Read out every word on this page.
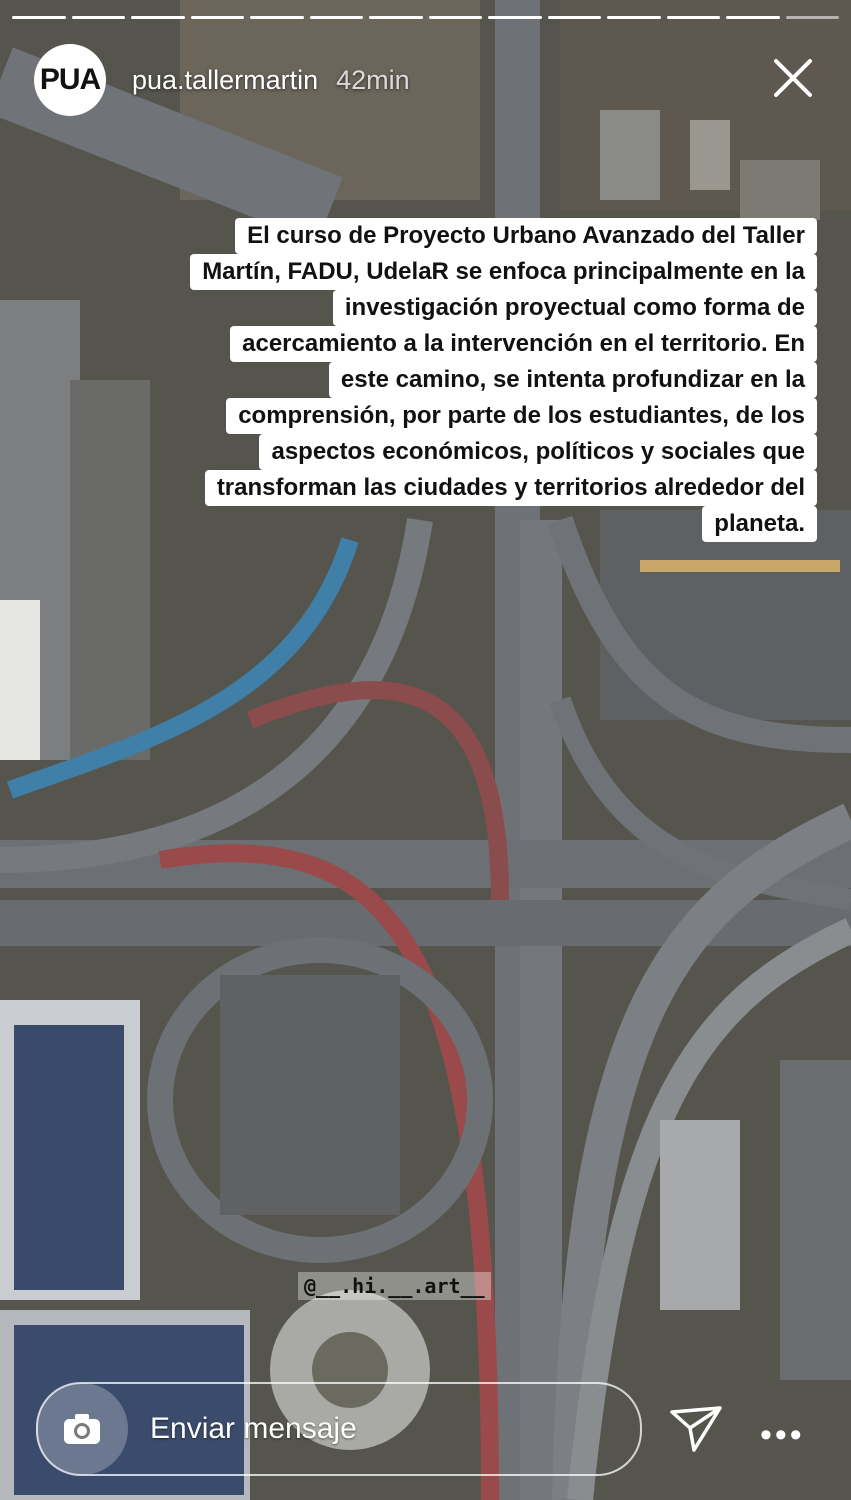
PUA pua.tallermartin 42min
El curso de Proyecto Urbano Avanzado del Taller
Martín, FADU, UdelaR se enfoca principalmente en la
investigación proyectual como forma de
acercamiento a la intervención en el territorio. En
este camino, se intenta profundizar en la
comprensión, por parte de los estudiantes, de los
aspectos económicos, políticos y sociales que
transforman las ciudades y territorios alrededor del
planeta.
@__.hi.__.art__
Enviar mensaje	•••
